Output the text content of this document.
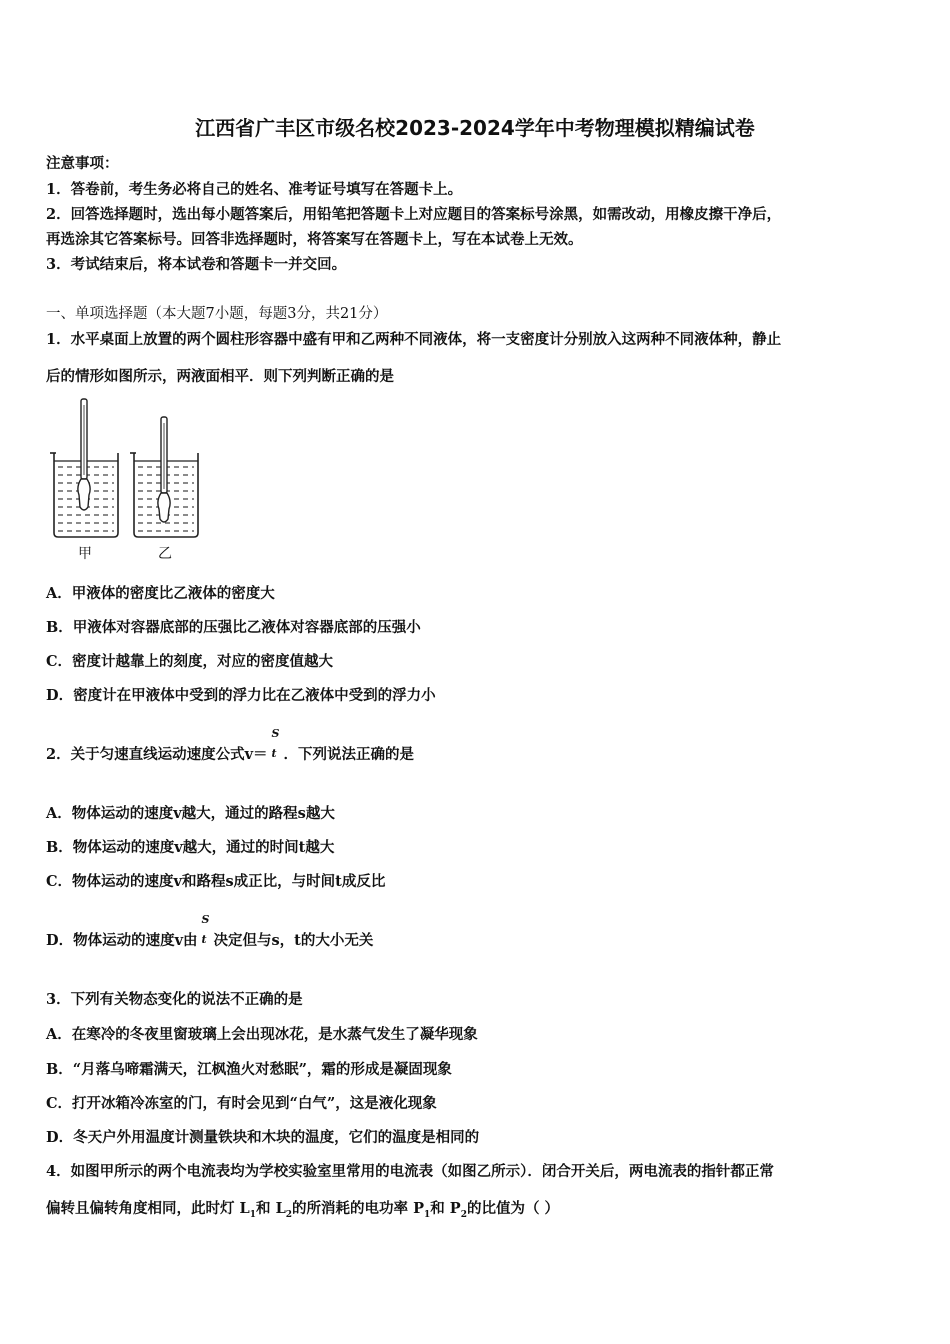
江西省广丰区市级名校2023-2024学年中考物理模拟精编试卷
注意事项：
1．答卷前，考生务必将自己的姓名、准考证号填写在答题卡上。
2．回答选择题时，选出每小题答案后，用铅笔把答题卡上对应题目的答案标号涂黑，如需改动，用橡皮擦干净后，
再选涂其它答案标号。回答非选择题时，将答案写在答题卡上，写在本试卷上无效。
3．考试结束后，将本试卷和答题卡一并交回。
一、单项选择题（本大题7小题，每题3分，共21分）
1．水平桌面上放置的两个圆柱形容器中盛有甲和乙两种不同液体，将一支密度计分别放入这两种不同液体种，静止
后的情形如图所示，两液面相平．则下列判断正确的是
甲	乙
A．甲液体的密度比乙液体的密度大
B．甲液体对容器底部的压强比乙液体对容器底部的压强小
C．密度计越靠上的刻度，对应的密度值越大
D．密度计在甲液体中受到的浮力比在乙液体中受到的浮力小
2．关于匀速直线运动速度公式v＝
S
t ．下列说法正确的是
A．物体运动的速度v越大，通过的路程s越大
B．物体运动的速度v越大，通过的时间t越大
C．物体运动的速度v和路程s成正比，与时间t成反比
D．物体运动的速度v由
S
t 决定但与s，t的大小无关
3．下列有关物态变化的说法不正确的是
A．在寒冷的冬夜里窗玻璃上会出现冰花，是水蒸气发生了凝华现象
B．“月落乌啼霜满天，江枫渔火对愁眠”，霜的形成是凝固现象
C．打开冰箱冷冻室的门，有时会见到“白气”，这是液化现象
D．冬天户外用温度计测量铁块和木块的温度，它们的温度是相同的
4．如图甲所示的两个电流表均为学校实验室里常用的电流表（如图乙所示）．闭合开关后，两电流表的指针都正常
偏转且偏转角度相同，此时灯 $L_1$和 $L_2$的所消耗的电功率 $P_1$和 $P_2$的比值为（ ）
